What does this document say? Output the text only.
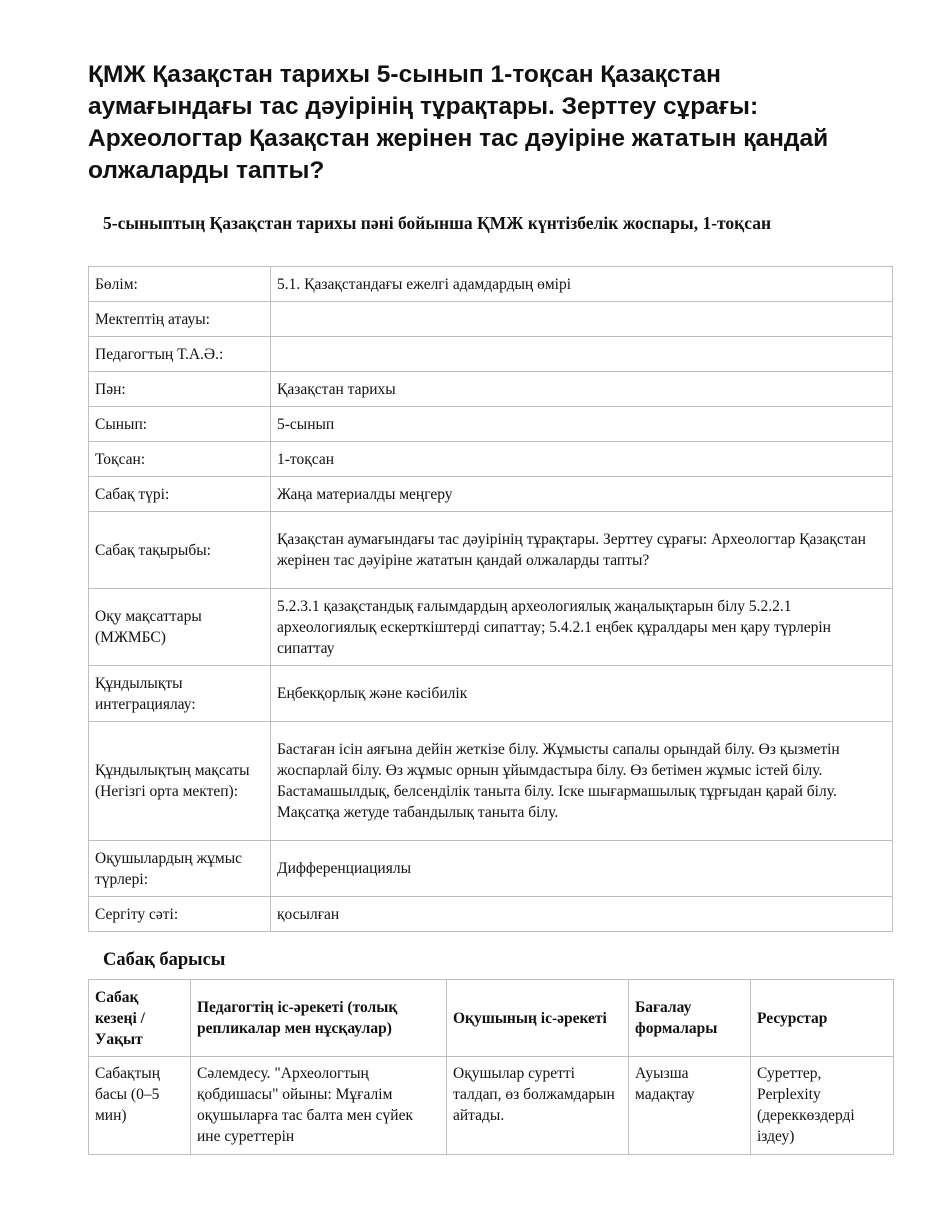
ҚМЖ Қазақстан тарихы 5-сынып 1-тоқсан Қазақстан аумағындағы тас дәуірінің тұрақтары. Зерттеу сұрағы: Археологтар Қазақстан жерінен тас дәуіріне жататын қандай олжаларды тапты?
5-сыныптың Қазақстан тарихы пәні бойынша ҚМЖ күнтізбелік жоспары, 1-тоқсан
Бөлім:	5.1. Қазақстандағы ежелгі адамдардың өмірі
Мектептің атауы:	
Педагогтың Т.А.Ә.:	
Пән:	Қазақстан тарихы
Сынып:	5-сынып
Тоқсан:	1-тоқсан
Сабақ түрі:	Жаңа материалды меңгеру
Сабақ тақырыбы:	Қазақстан аумағындағы тас дәуірінің тұрақтары. Зерттеу сұрағы: Археологтар Қазақстан жерінен тас дәуіріне жататын қандай олжаларды тапты?
Оқу мақсаттары (МЖМБС)	5.2.3.1 қазақстандық ғалымдардың археологиялық жаңалықтарын білу 5.2.2.1 археологиялық ескерткіштерді сипаттау; 5.4.2.1 еңбек құралдары мен қару түрлерін сипаттау
Құндылықты интеграциялау:	Еңбекқорлық және кәсібилік
Құндылықтың мақсаты (Негізгі орта мектеп):	Бастаған ісін аяғына дейін жеткізе білу. Жұмысты сапалы орындай білу. Өз қызметін жоспарлай білу. Өз жұмыс орнын ұйымдастыра білу. Өз бетімен жұмыс істей білу. Бастамашылдық, белсенділік таныта білу. Іске шығармашылық тұрғыдан қарай білу. Мақсатқа жетуде табандылық таныта білу.
Оқушылардың жұмыс түрлері:	Дифференциациялы
Сергіту сәті:	қосылған
Сабақ барысы
Сабақ кезеңі / Уақыт	Педагогтің іс-әрекеті (толық репликалар мен нұсқаулар)	Оқушының іс-әрекеті	Бағалау формалары	Ресурстар
Сабақтың басы (0–5 мин)	Сәлемдесу. "Археологтың қобдишасы" ойыны: Мұғалім оқушыларға тас балта мен сүйек ине суреттерін	Оқушылар суретті талдап, өз болжамдарын айтады.	Ауызша мадақтау	Суреттер, Perplexity (дереккөздерді іздеу)
